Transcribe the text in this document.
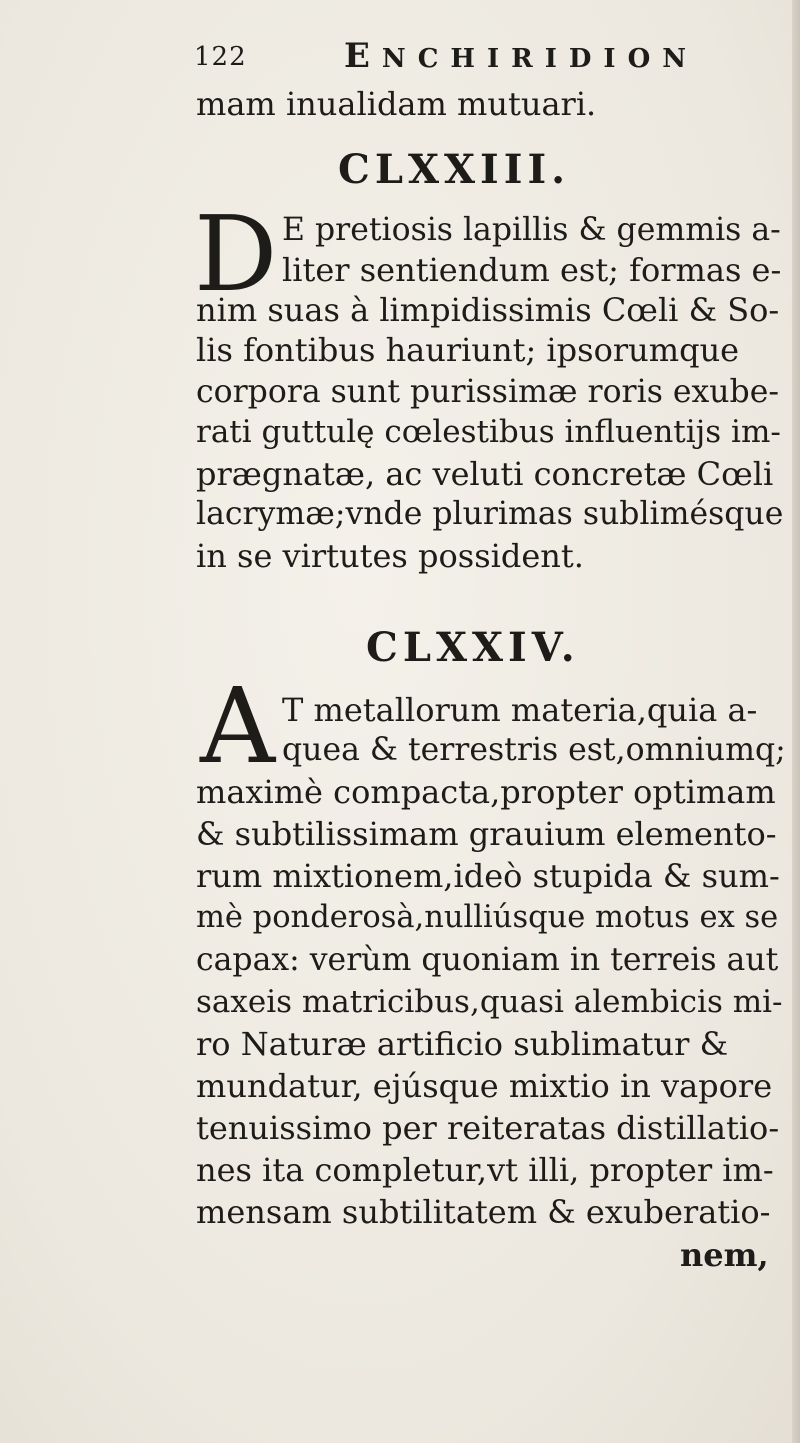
122	ENCHIRIDION
mam inualidam mutuari.
CLXXIII.
D E pretiosis lapillis & gemmis a-
liter sentiendum est; formas e-
nim suas à limpidissimis Cœli & So-
lis fontibus hauriunt; ipsorumque
corpora sunt purissimæ roris exube-
rati guttulę cœlestibus influentijs im-
prægnatæ, ac veluti concretæ Cœli
lacrymæ;vnde plurimas sublimésque
in se virtutes possident.
CLXXIV.
A T metallorum materia,quia a-
quea & terrestris est,omniumq;
maximè compacta,propter optimam
& subtilissimam grauium elemento-
rum mixtionem,ideò stupida & sum-
mè ponderosà,nulliúsque motus ex se
capax: verùm quoniam in terreis aut
saxeis matricibus,quasi alembicis mi-
ro Naturæ artificio sublimatur &
mundatur, ejúsque mixtio in vapore
tenuissimo per reiteratas distillatio-
nes ita completur,vt illi, propter im-
mensam subtilitatem & exuberatio-
nem,
